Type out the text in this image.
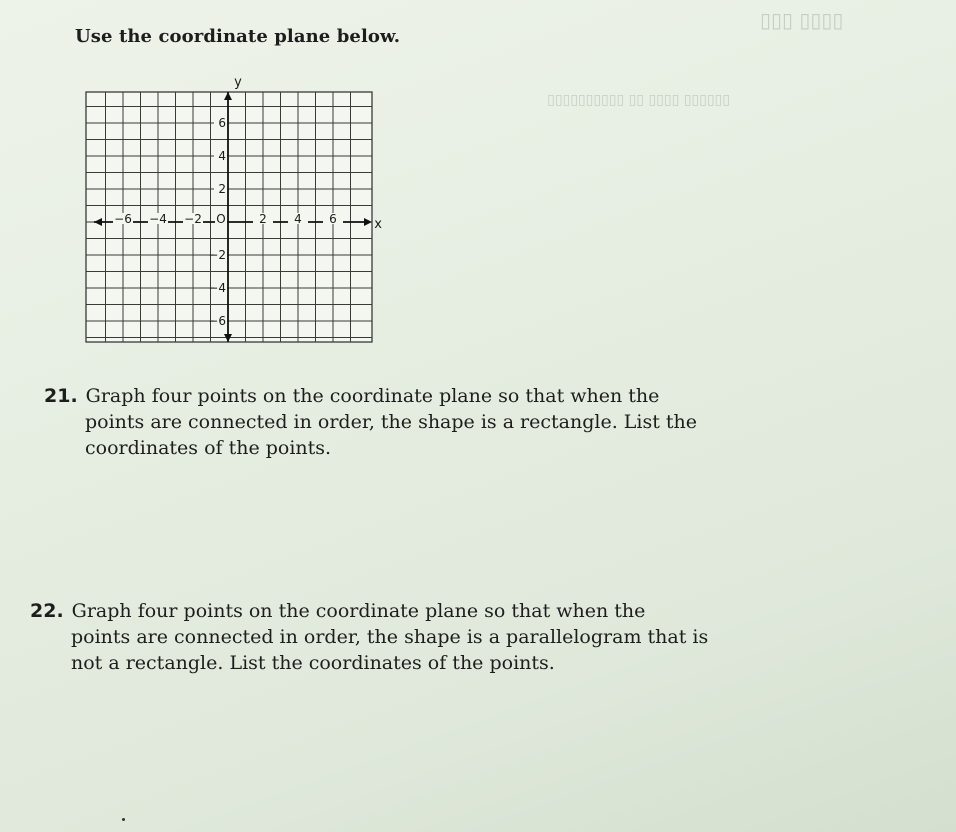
Use the coordinate plane below.
▯▯▯▯ ▯▯▯
▯▯▯▯▯▯ ▯▯▯▯ ▯▯ ▯▯▯▯▯▯▯▯▯▯
−6 −4 −2	2 4 6
6
4
2
−2
−4
−6
O	x
y
21. Graph four points on the coordinate plane so that when the
points are connected in order, the shape is a rectangle. List the
coordinates of the points.
22. Graph four points on the coordinate plane so that when the
points are connected in order, the shape is a parallelogram that is
not a rectangle. List the coordinates of the points.
